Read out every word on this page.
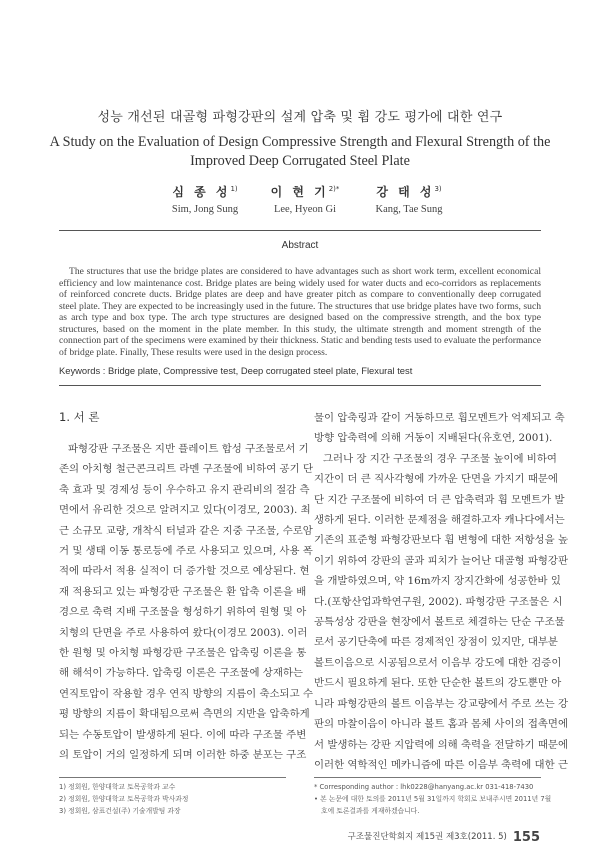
성능 개선된 대골형 파형강판의 설계 압축 및 휨 강도 평가에 대한 연구
A Study on the Evaluation of Design Compressive Strength and Flexural Strength of the
Improved Deep Corrugated Steel Plate
심 종 성$^{1)}$
Sim, Jong Sung
이 현 기$^{2)*}$
Lee, Hyeon Gi
강 태 성$^{3)}$
Kang, Tae Sung
Abstract
The structures that use the bridge plates are considered to have advantages such as short work term, excellent economical efficiency and low maintenance cost. Bridge plates are being widely used for water ducts and eco-corridors as replacements of reinforced concrete ducts. Bridge plates are deep and have greater pitch as compare to conventionally deep corrugated steel plate. They are expected to be increasingly used in the future. The structures that use bridge plates have two forms, such as arch type and box type. The arch type structures are designed based on the compressive strength, and the box type structures, based on the moment in the plate member. In this study, the ultimate strength and moment strength of the connection part of the specimens were examined by their thickness. Static and bending tests used to evaluate the performance of bridge plate. Finally, These results were used in the design process.
Keywords : Bridge plate, Compressive test, Deep corrugated steel plate, Flexural test
1. 서 론

파형강판 구조물은 지반 플레이트 합성 구조물로서 기

존의 아치형 철근콘크리트 라멘 구조물에 비하여 공기 단

축 효과 및 경제성 등이 우수하고 유지 관리비의 절감 측

면에서 유리한 것으로 알려지고 있다(이경모, 2003). 최

근 소규모 교량, 개착식 터널과 같은 지중 구조물, 수로암

거 및 생태 이동 통로등에 주로 사용되고 있으며, 사용 폭

적에 따라서 적용 실적이 더 증가할 것으로 예상된다. 현

재 적용되고 있는 파형강판 구조물은 환 압축 이론을 배

경으로 축력 지배 구조물을 형성하기 위하여 원형 및 아

치형의 단면을 주로 사용하여 왔다(이경모 2003). 이러

한 원형 및 아치형 파형강판 구조물은 압축링 이론을 통

해 해석이 가능하다. 압축링 이론은 구조물에 상재하는

연직토압이 작용할 경우 연직 방향의 지름이 축소되고 수

평 방향의 지름이 확대됨으로써 측면의 지반을 압축하게

되는 수동토압이 발생하게 된다. 이에 따라 구조물 주변

의 토압이 거의 일정하게 되며 이러한 하중 분포는 구조

물이 압축링과 같이 거동하므로 휨모멘트가 억제되고 축

방향 압축력에 의해 거동이 지배된다(유호연, 2001).

그러나 장 지간 구조물의 경우 구조물 높이에 비하여

지간이 더 큰 직사각형에 가까운 단면을 가지기 때문에

단 지간 구조물에 비하여 더 큰 압축력과 휨 모멘트가 발

생하게 된다. 이러한 문제점을 해결하고자 캐나다에서는

기존의 표준형 파형강판보다 휨 변형에 대한 저항성을 높

이기 위하여 강판의 골과 피치가 늘어난 대골형 파형강판

을 개발하였으며, 약 16m까지 장지간화에 성공한바 있

다.(포항산업과학연구원, 2002). 파형강판 구조물은 시

공특성상 강판을 현장에서 볼트로 체결하는 단순 구조물

로서 공기단축에 따른 경제적인 장점이 있지만, 대부분

볼트이음으로 시공됨으로서 이음부 강도에 대한 검증이

반드시 필요하게 된다. 또한 단순한 볼트의 강도뿐만 아

니라 파형강판의 볼트 이음부는 강교량에서 주로 쓰는 강

판의 마찰이음이 아니라 볼트 홈과 몸체 사이의 접촉면에

서 발생하는 강판 지압력에 의해 축력을 전달하기 때문에

이러한 역학적인 메카니즘에 따른 이음부 축력에 대한 근

1) 정회원, 한양대학교 토목공학과 교수
2) 정회원, 한양대학교 토목공학과 박사과정
3) 정회원, 삼표건설(주) 기술개발팀 과장
* Corresponding author : lhk0228@hanyang.ac.kr 031-418-7430
• 본 논문에 대한 토의를 2011년 5월 31일까지 학회로 보내주시면 2011년 7월
호에 토론결과를 게재하겠습니다.
구조물진단학회지 제15권 제3호(2011. 5) 155
